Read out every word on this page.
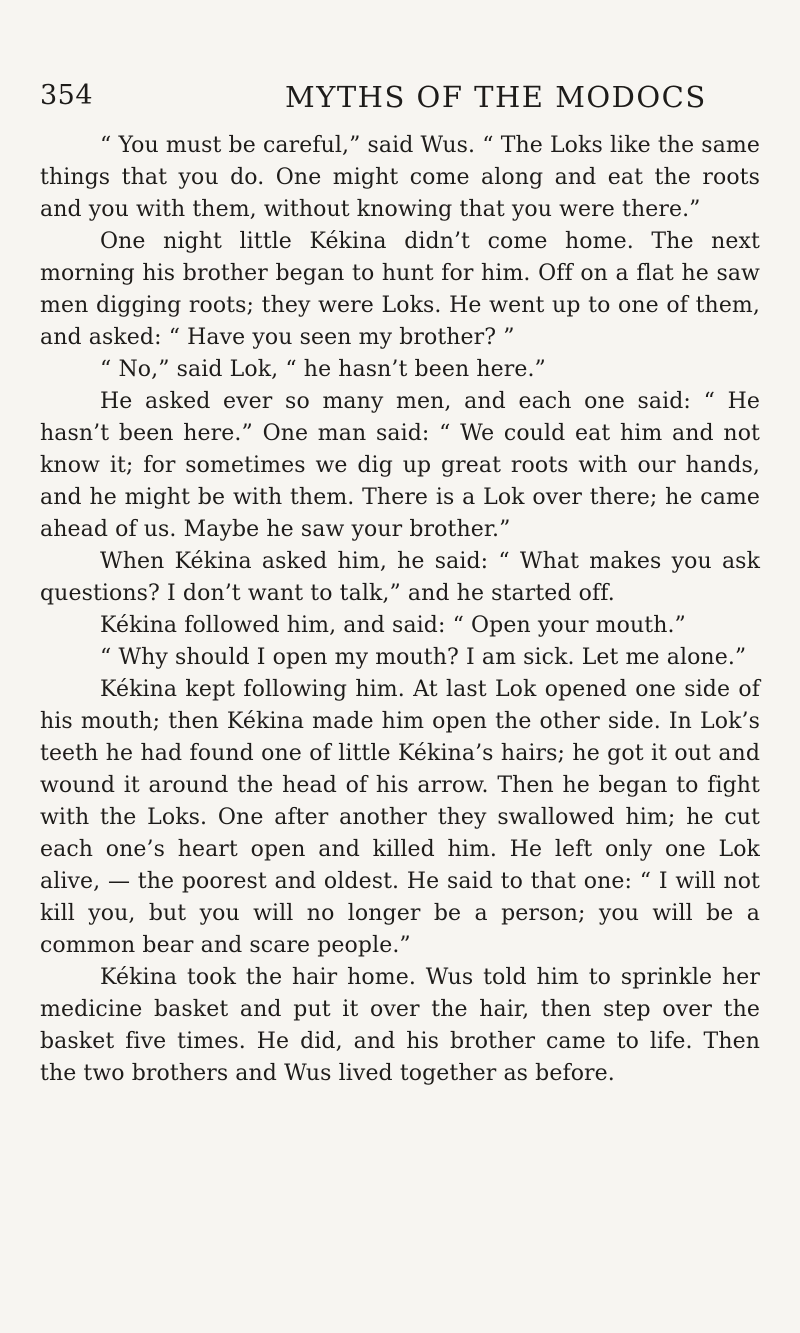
354	MYTHS OF THE MODOCS

“ You must be careful,” said Wus. “ The Loks like the same things that you do. One might come along and eat the roots and you with them, without knowing that you were there.”

One night little Kékina didn’t come home. The next morning his brother began to hunt for him. Off on a flat he saw men digging roots; they were Loks. He went up to one of them, and asked: “ Have you seen my brother? ”

“ No,” said Lok, “ he hasn’t been here.”

He asked ever so many men, and each one said: “ He hasn’t been here.” One man said: “ We could eat him and not know it; for sometimes we dig up great roots with our hands, and he might be with them. There is a Lok over there; he came ahead of us. Maybe he saw your brother.”

When Kékina asked him, he said: “ What makes you ask questions? I don’t want to talk,” and he started off.

Kékina followed him, and said: “ Open your mouth.”

“ Why should I open my mouth? I am sick. Let me alone.”

Kékina kept following him. At last Lok opened one side of his mouth; then Kékina made him open the other side. In Lok’s teeth he had found one of little Kékina’s hairs; he got it out and wound it around the head of his arrow. Then he began to fight with the Loks. One after another they swallowed him; he cut each one’s heart open and killed him. He left only one Lok alive, — the poorest and oldest. He said to that one: “ I will not kill you, but you will no longer be a person; you will be a common bear and scare people.”

Kékina took the hair home. Wus told him to sprinkle her medicine basket and put it over the hair, then step over the basket five times. He did, and his brother came to life. Then the two brothers and Wus lived together as before.
